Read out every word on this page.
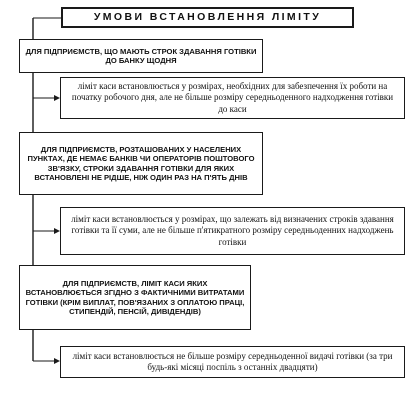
УМОВИ ВСТАНОВЛЕННЯ ЛІМІТУ
ДЛЯ ПІДПРИЄМСТВ, ЩО МАЮТЬ СТРОК ЗДАВАННЯ ГОТІВКИ ДО БАНКУ ЩОДНЯ
ліміт каси встановлюється у розмірах, необхідних для забезпечення їх роботи на початку робочого дня, але не більше розміру середньоденного надходження готівки до каси
ДЛЯ ПІДПРИЄМСТВ, РОЗТАШОВАНИХ У НАСЕЛЕНИХ ПУНКТАХ, ДЕ НЕМАЄ БАНКІВ ЧИ ОПЕРАТОРІВ ПОШТОВОГО ЗВ'ЯЗКУ, СТРОКИ ЗДАВАННЯ ГОТІВКИ ДЛЯ ЯКИХ ВСТАНОВЛЕНІ НЕ РІДШЕ, НІЖ ОДИН РАЗ НА П'ЯТЬ ДНІВ
ліміт каси встановлюється у розмірах, що залежать від визначених строків здавання готівки та її суми, але не більше п'ятикратного розміру середньоденних надходжень готівки
ДЛЯ ПІДПРИЄМСТВ, ЛІМІТ КАСИ ЯКИХ ВСТАНОВЛЮЄТЬСЯ ЗГІДНО З ФАКТИЧНИМИ ВИТРАТАМИ ГОТІВКИ (КРІМ ВИПЛАТ, ПОВ'ЯЗАНИХ З ОПЛАТОЮ ПРАЦІ, СТИПЕНДІЙ, ПЕНСІЙ, ДИВІДЕНДІВ)
ліміт каси встановлюється не більше розміру середньоденної видачі готівки (за три будь-які місяці поспіль з останніх двадцяти)
